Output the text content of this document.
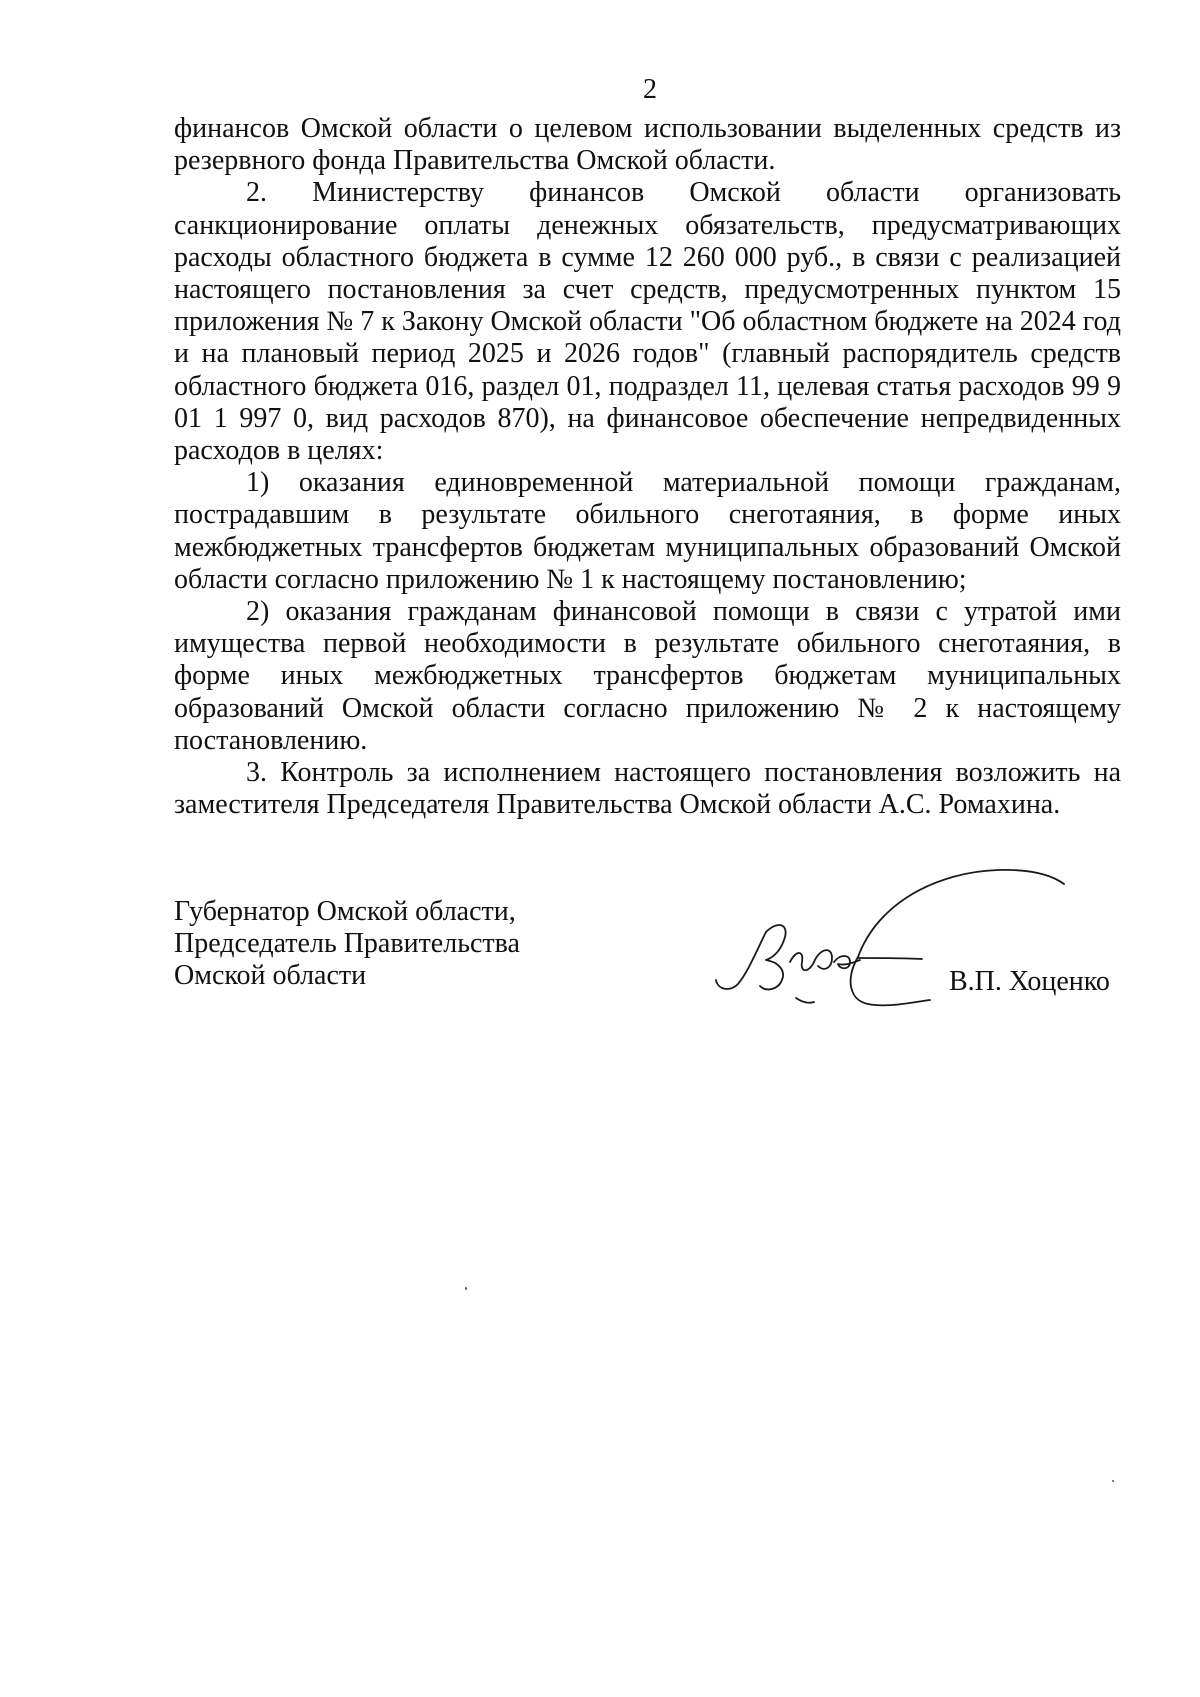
2

финансов Омской области о целевом использовании выделенных средств из резервного фонда Правительства Омской области.

2. Министерству финансов Омской области организовать санкционирование оплаты денежных обязательств, предусматривающих расходы областного бюджета в сумме 12 260 000 руб., в связи с реализацией настоящего постановления за счет средств, предусмотренных пунктом 15 приложения № 7 к Закону Омской области "Об областном бюджете на 2024 год и на плановый период 2025 и 2026 годов" (главный распорядитель средств областного бюджета 016, раздел 01, подраздел 11, целевая статья расходов 99 9 01 1 997 0, вид расходов 870), на финансовое обеспечение непредвиденных расходов в целях:

1) оказания единовременной материальной помощи гражданам, пострадавшим в результате обильного снеготаяния, в форме иных межбюджетных трансфертов бюджетам муниципальных образований Омской области согласно приложению № 1 к настоящему постановлению;

2) оказания гражданам финансовой помощи в связи с утратой ими имущества первой необходимости в результате обильного снеготаяния, в форме иных межбюджетных трансфертов бюджетам муниципальных образований Омской области согласно приложению № 2 к настоящему постановлению.

3. Контроль за исполнением настоящего постановления возложить на заместителя Председателя Правительства Омской области А.С. Ромахина.

Губернатор Омской области,
Председатель Правительства
Омской области	В.П. Хоценко
